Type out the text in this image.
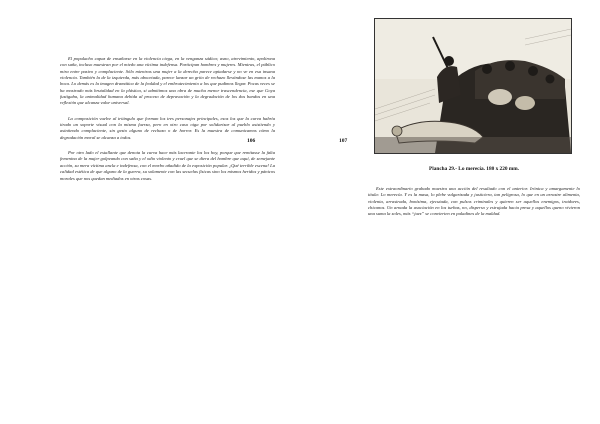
El populacho capaz de ensañarse en la violencia ciega, en la venganza sádica; asno, atrevimiento, apoltrona con saña, incluso muestran por el miedo una víctima indefensa. Participan hombres y mujeres. Mientras, el público mira entre pasivo y complaciente. Sólo mientras una mujer a la derecha parece apiadarse y no ve en esa insana violencia. También la de la izquierda, más abocetada, parece lanzar un grito de rechazo llevándose las manos a la boca. Lo demás es la imagen dramática de la fealdad y el embrutecimiento a los que pudimos llegar. Pocas veces se ha mostrado más brutalidad en la plástica, si admitimos una obra de mucha menor trascendencia, ese que Goya fustigaba, la animalidad humana debida al proceso de depravación y la degradación de los dos bandos en una reflexión que alcanza valor universal.

La composición vuelve al triángulo que forman los tres personajes principales, esos los que la curva habría tirado un soporte visual con la misma fuerza, pero en otro caso oiga por solidarizar al pueblo asistiendo y asintiendo complaciente, sin gesto alguno de rechazo o de horror. Es la muestra de comunicamos cómo la degradación moral se alcanza a todos.

Por otro lado el estallante que denota la curva hace más lacerante los los hoy, porque que remitasse la falta femenina de la mujer golpeando con saña y el odio violento y cruel que se diera del hombre que aquí, de semejante acción, su mera víctima ancla e indefensa, con el morbo añadido de la exposición popular. ¡Qué terrible escena! La calidad estética de que alguno de la guerra, su solamente con las secuelas físicas sino los mismos heridos y pánicos morales que nos quedan mediados en otras cosas.

106	107
Plancha 29.- Lo merecía. 180 x 220 mm.

Este extraordinario grabado muestra una acción del resultado con el anterior. Irónica y amargamente lo titula: Lo merecía. Y es la masa, lo plebe vulgarizada y justiciera, tan peligrosa, lo que en un arrastre alimenta, violenta, arrastrada, bonísima, ejecutada, con pulsos criminales y quieren ser aquellos enemigos, traidores, chicanos. Un arnada la asociación en los turbas, no, disperso y estrujada hacia presa y aquellos queno vivieron una suma la soles, más “juez” se convierten en paladines de la maldad.
